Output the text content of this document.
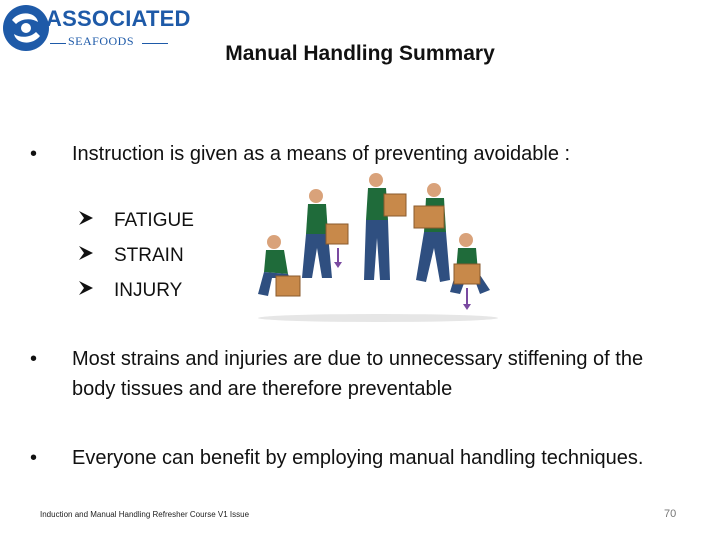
ASSOCIATED
SEAFOODS
Manual Handling Summary
•	Instruction is given as a means of preventing avoidable :
FATIGUE
STRAIN
INJURY
•	Most strains and injuries are due to unnecessary stiffening of the body tissues and are therefore preventable
•	Everyone can benefit by employing manual handling techniques.
Induction and Manual Handling Refresher Course V1 Issue	70
